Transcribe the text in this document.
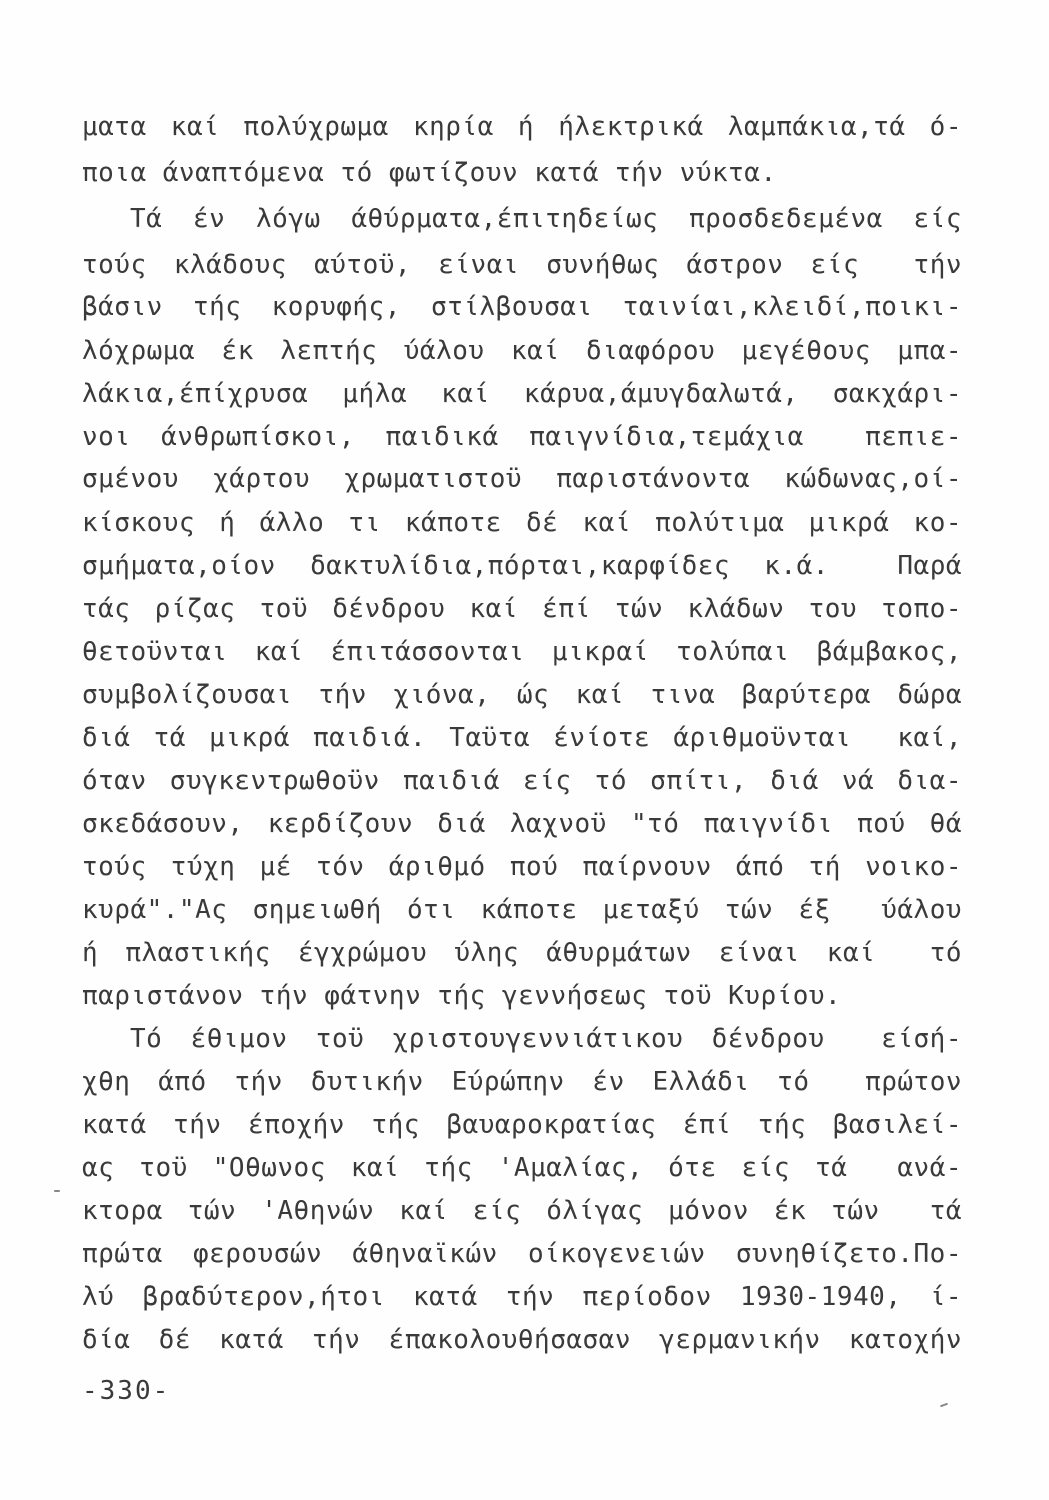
ματα καί πολύχρωμα κηρία ή ήλεκτρικά λαμπάκια,τά ό-
ποια άναπτόμενα τό φωτίζουν κατά τήν νύκτα.
Τά έν λόγω άθύρματα,έπιτηδείως προσδεδεμένα είς
τούς κλάδους αύτοϋ, είναι συνήθως άστρον είς  τήν
βάσιν τής κορυφής, στίλβουσαι ταινίαι,κλειδί,ποικι-
λόχρωμα έκ λεπτής ύάλου καί διαφόρου μεγέθους μπα-
λάκια,έπίχρυσα μήλα καί κάρυα,άμυγδαλωτά, σακχάρι-
νοι άνθρωπίσκοι, παιδικά παιγνίδια,τεμάχια  πεπιε-
σμένου χάρτου χρωματιστοϋ παριστάνοντα κώδωνας,οί-
κίσκους ή άλλο τι κάποτε δέ καί πολύτιμα μικρά κο-
σμήματα,οίον δακτυλίδια,πόρται,καρφίδες κ.ά.  Παρά
τάς ρίζας τοϋ δένδρου καί έπί τών κλάδων του τοπο-
θετοϋνται καί έπιτάσσονται μικραί τολύπαι βάμβακος,
συμβολίζουσαι τήν χιόνα, ώς καί τινα βαρύτερα δώρα
διά τά μικρά παιδιά. Ταϋτα ένίοτε άριθμοϋνται  καί,
όταν συγκεντρωθοϋν παιδιά είς τό σπίτι, διά νά δια-
σκεδάσουν, κερδίζουν διά λαχνοϋ "τό παιγνίδι πού θά
τούς τύχη μέ τόν άριθμό πού παίρνουν άπό τή νοικο-
κυρά"."Ας σημειωθή ότι κάποτε μεταξύ τών έξ  ύάλου
ή πλαστικής έγχρώμου ύλης άθυρμάτων είναι καί  τό
παριστάνον τήν φάτνην τής γεννήσεως τοϋ Κυρίου.
Τό έθιμον τοϋ χριστουγεννιάτικου δένδρου  είσή-
χθη άπό τήν δυτικήν Εύρώπην έν Ελλάδι τό  πρώτον
κατά τήν έποχήν τής βαυαροκρατίας έπί τής βασιλεί-
ας τοϋ "Οθωνος καί τής 'Αμαλίας, ότε είς τά  ανά-
κτορα τών 'Αθηνών καί είς όλίγας μόνον έκ τών  τά
πρώτα φερουσών άθηναϊκών οίκογενειών συνηθίζετο.Πο-
λύ βραδύτερον,ήτοι κατά τήν περίοδον 1930-1940, ί-
δία δέ κατά τήν έπακολουθήσασαν γερμανικήν κατοχήν
-330-
